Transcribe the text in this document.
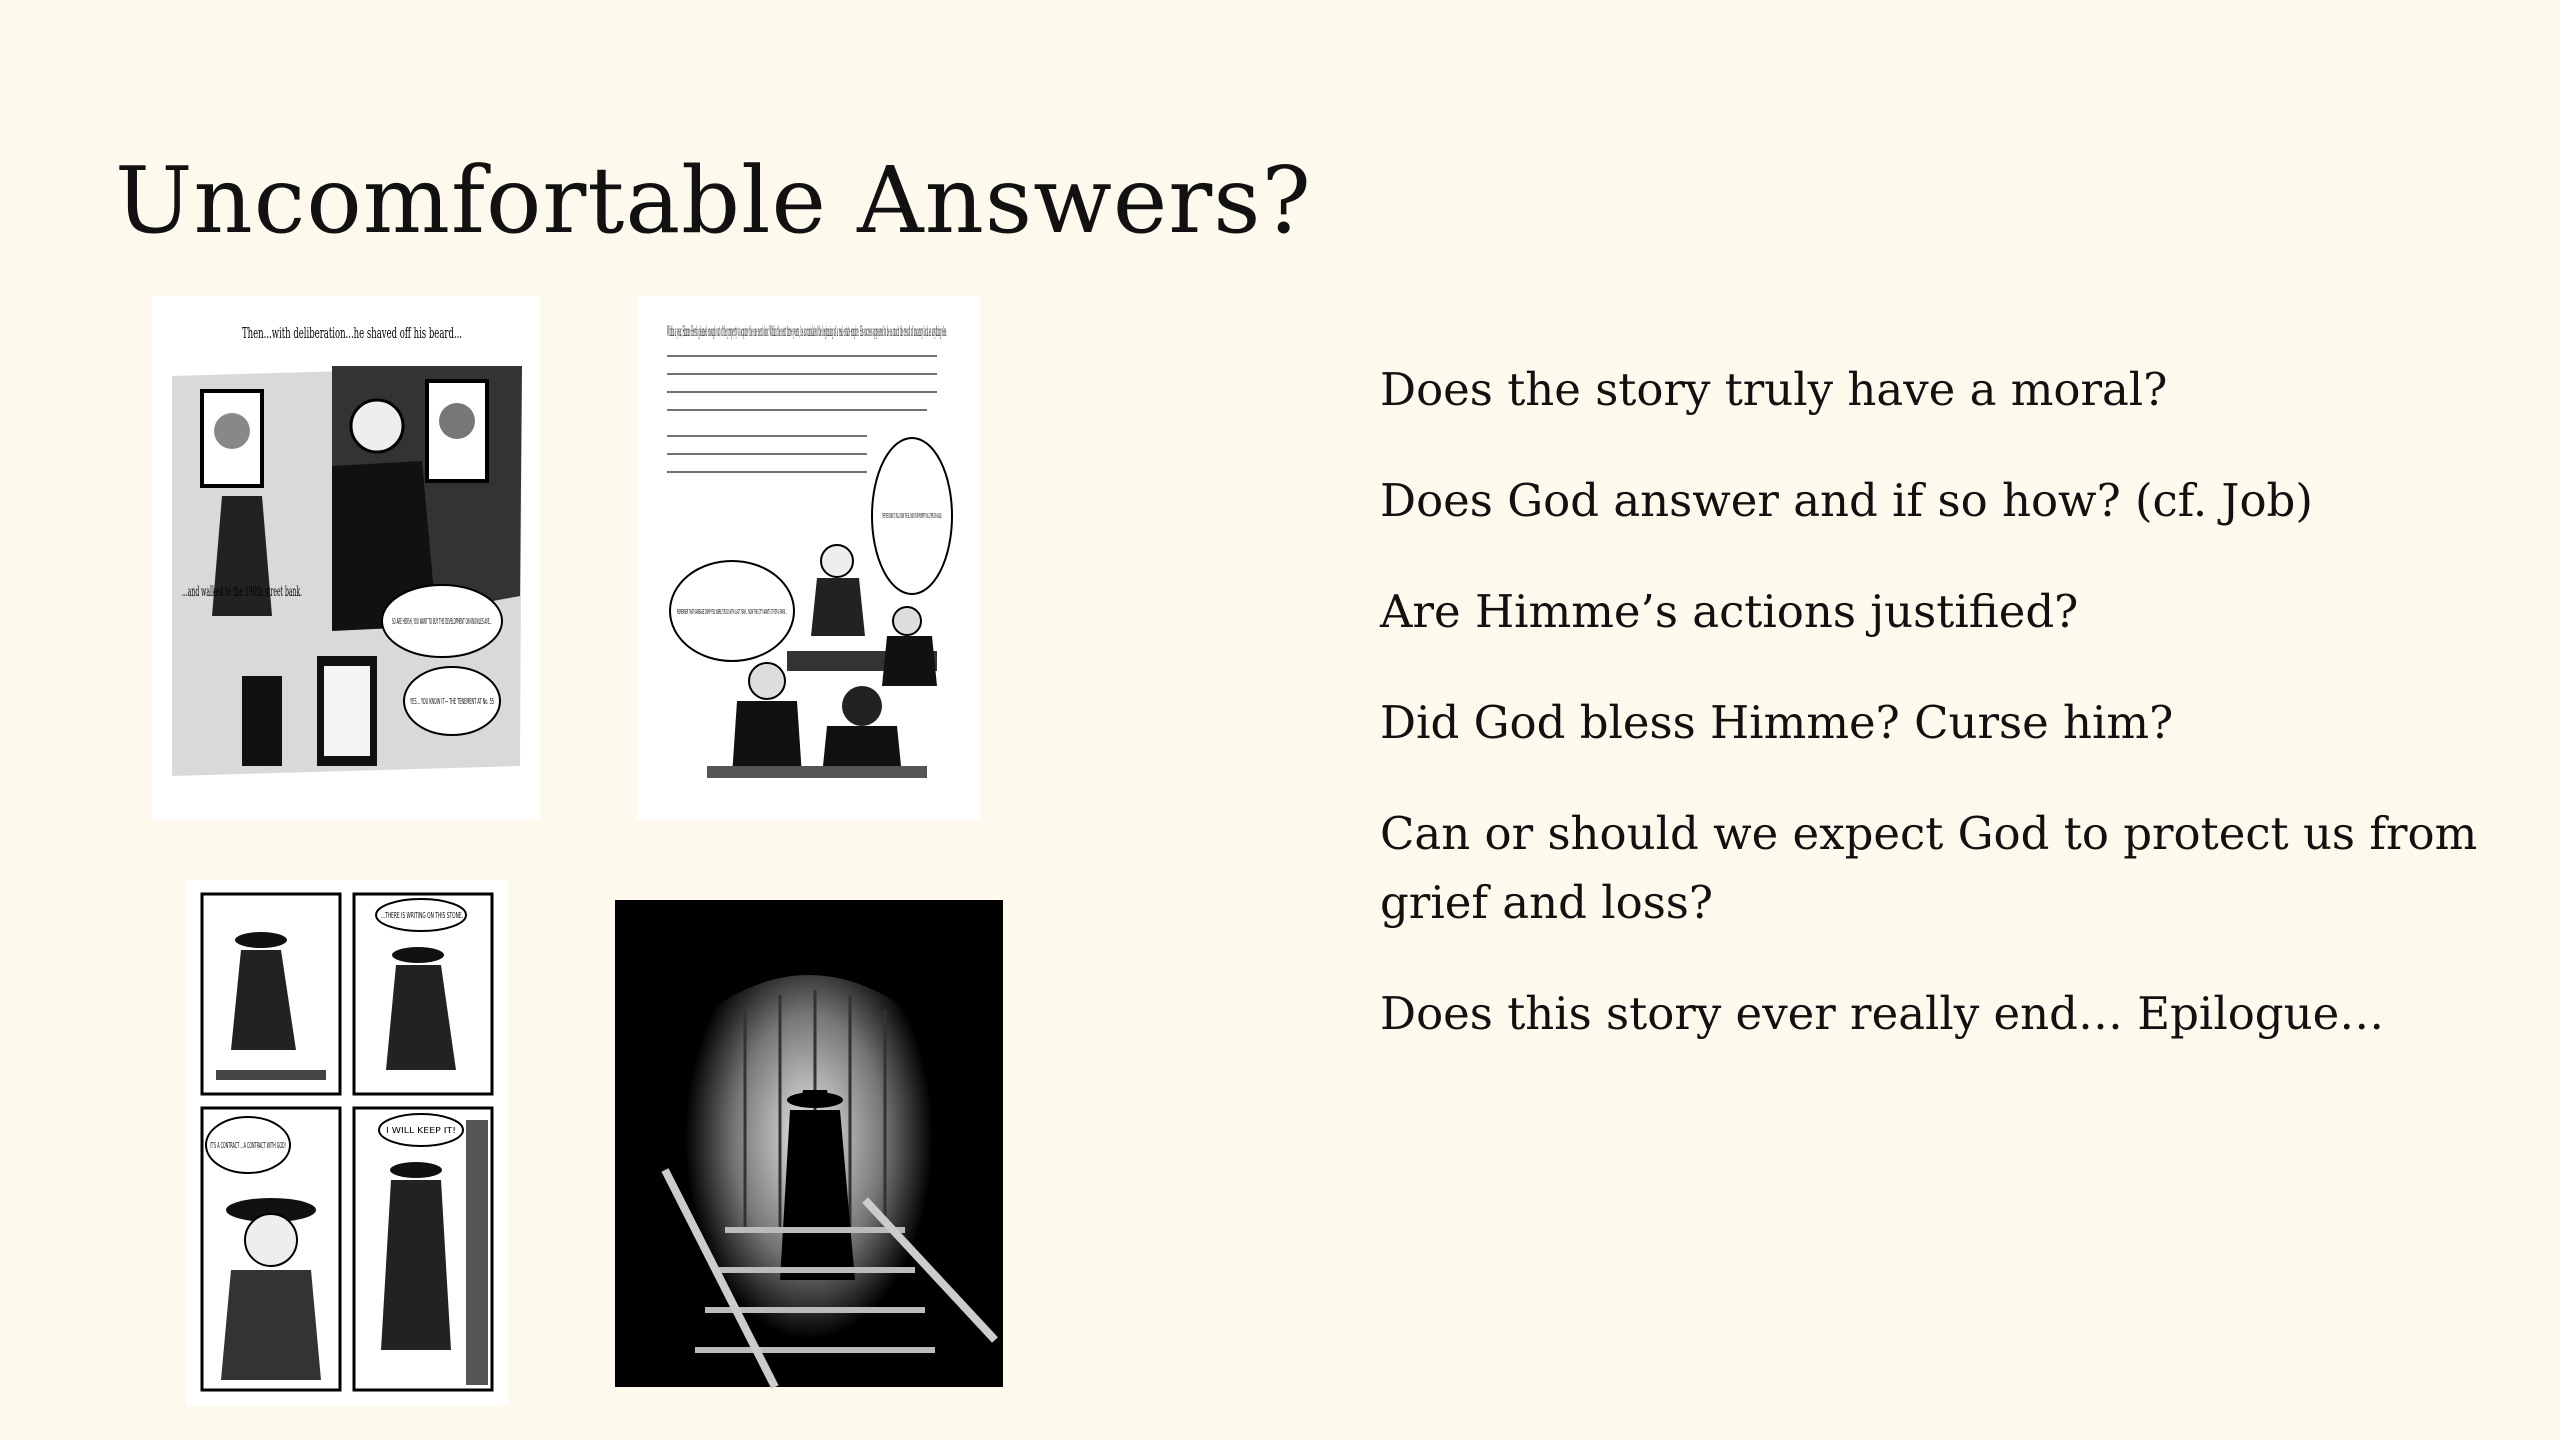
Uncomfortable Answers?
Then...with deliberation...he shaved off his beard...
...and walked to the 190th street bank.
SO ARE HERSH, YOU WANT TO BUY THE DEVELOPMENT ON KNOWLES AVE...
YES... YOU KNOW IT— THE TENEMENT AT No. 55
Within a year, Himme Hersh gleaned enough out of the property to acquire the one next door. Within the next three years, he accumulated the beginning of a real estate empire. His success appeared to be as much the result of uncanny luck as anything else.
THEY'RE GOING TO FULL DOWN THE EL. NOW YOUR PROPERTY WILL TRIPLE IN VALUE.
REMEMBER THAT GARBAGE DUMP YOU WERE STUCK WITH LAST YEAR... NOW THE CITY WANTS IT FOR A PARK...
...THERE IS WRITING ON THIS STONE.
IT'S A CONTRACT ...A CONTRACT WITH GOD!
I WILL KEEP IT!
Does the story truly have a moral?
Does God answer and if so how? (cf. Job)
Are Himme’s actions justified?
Did God bless Himme? Curse him?
Can or should we expect God to protect us from grief and loss?
Does this story ever really end… Epilogue…
